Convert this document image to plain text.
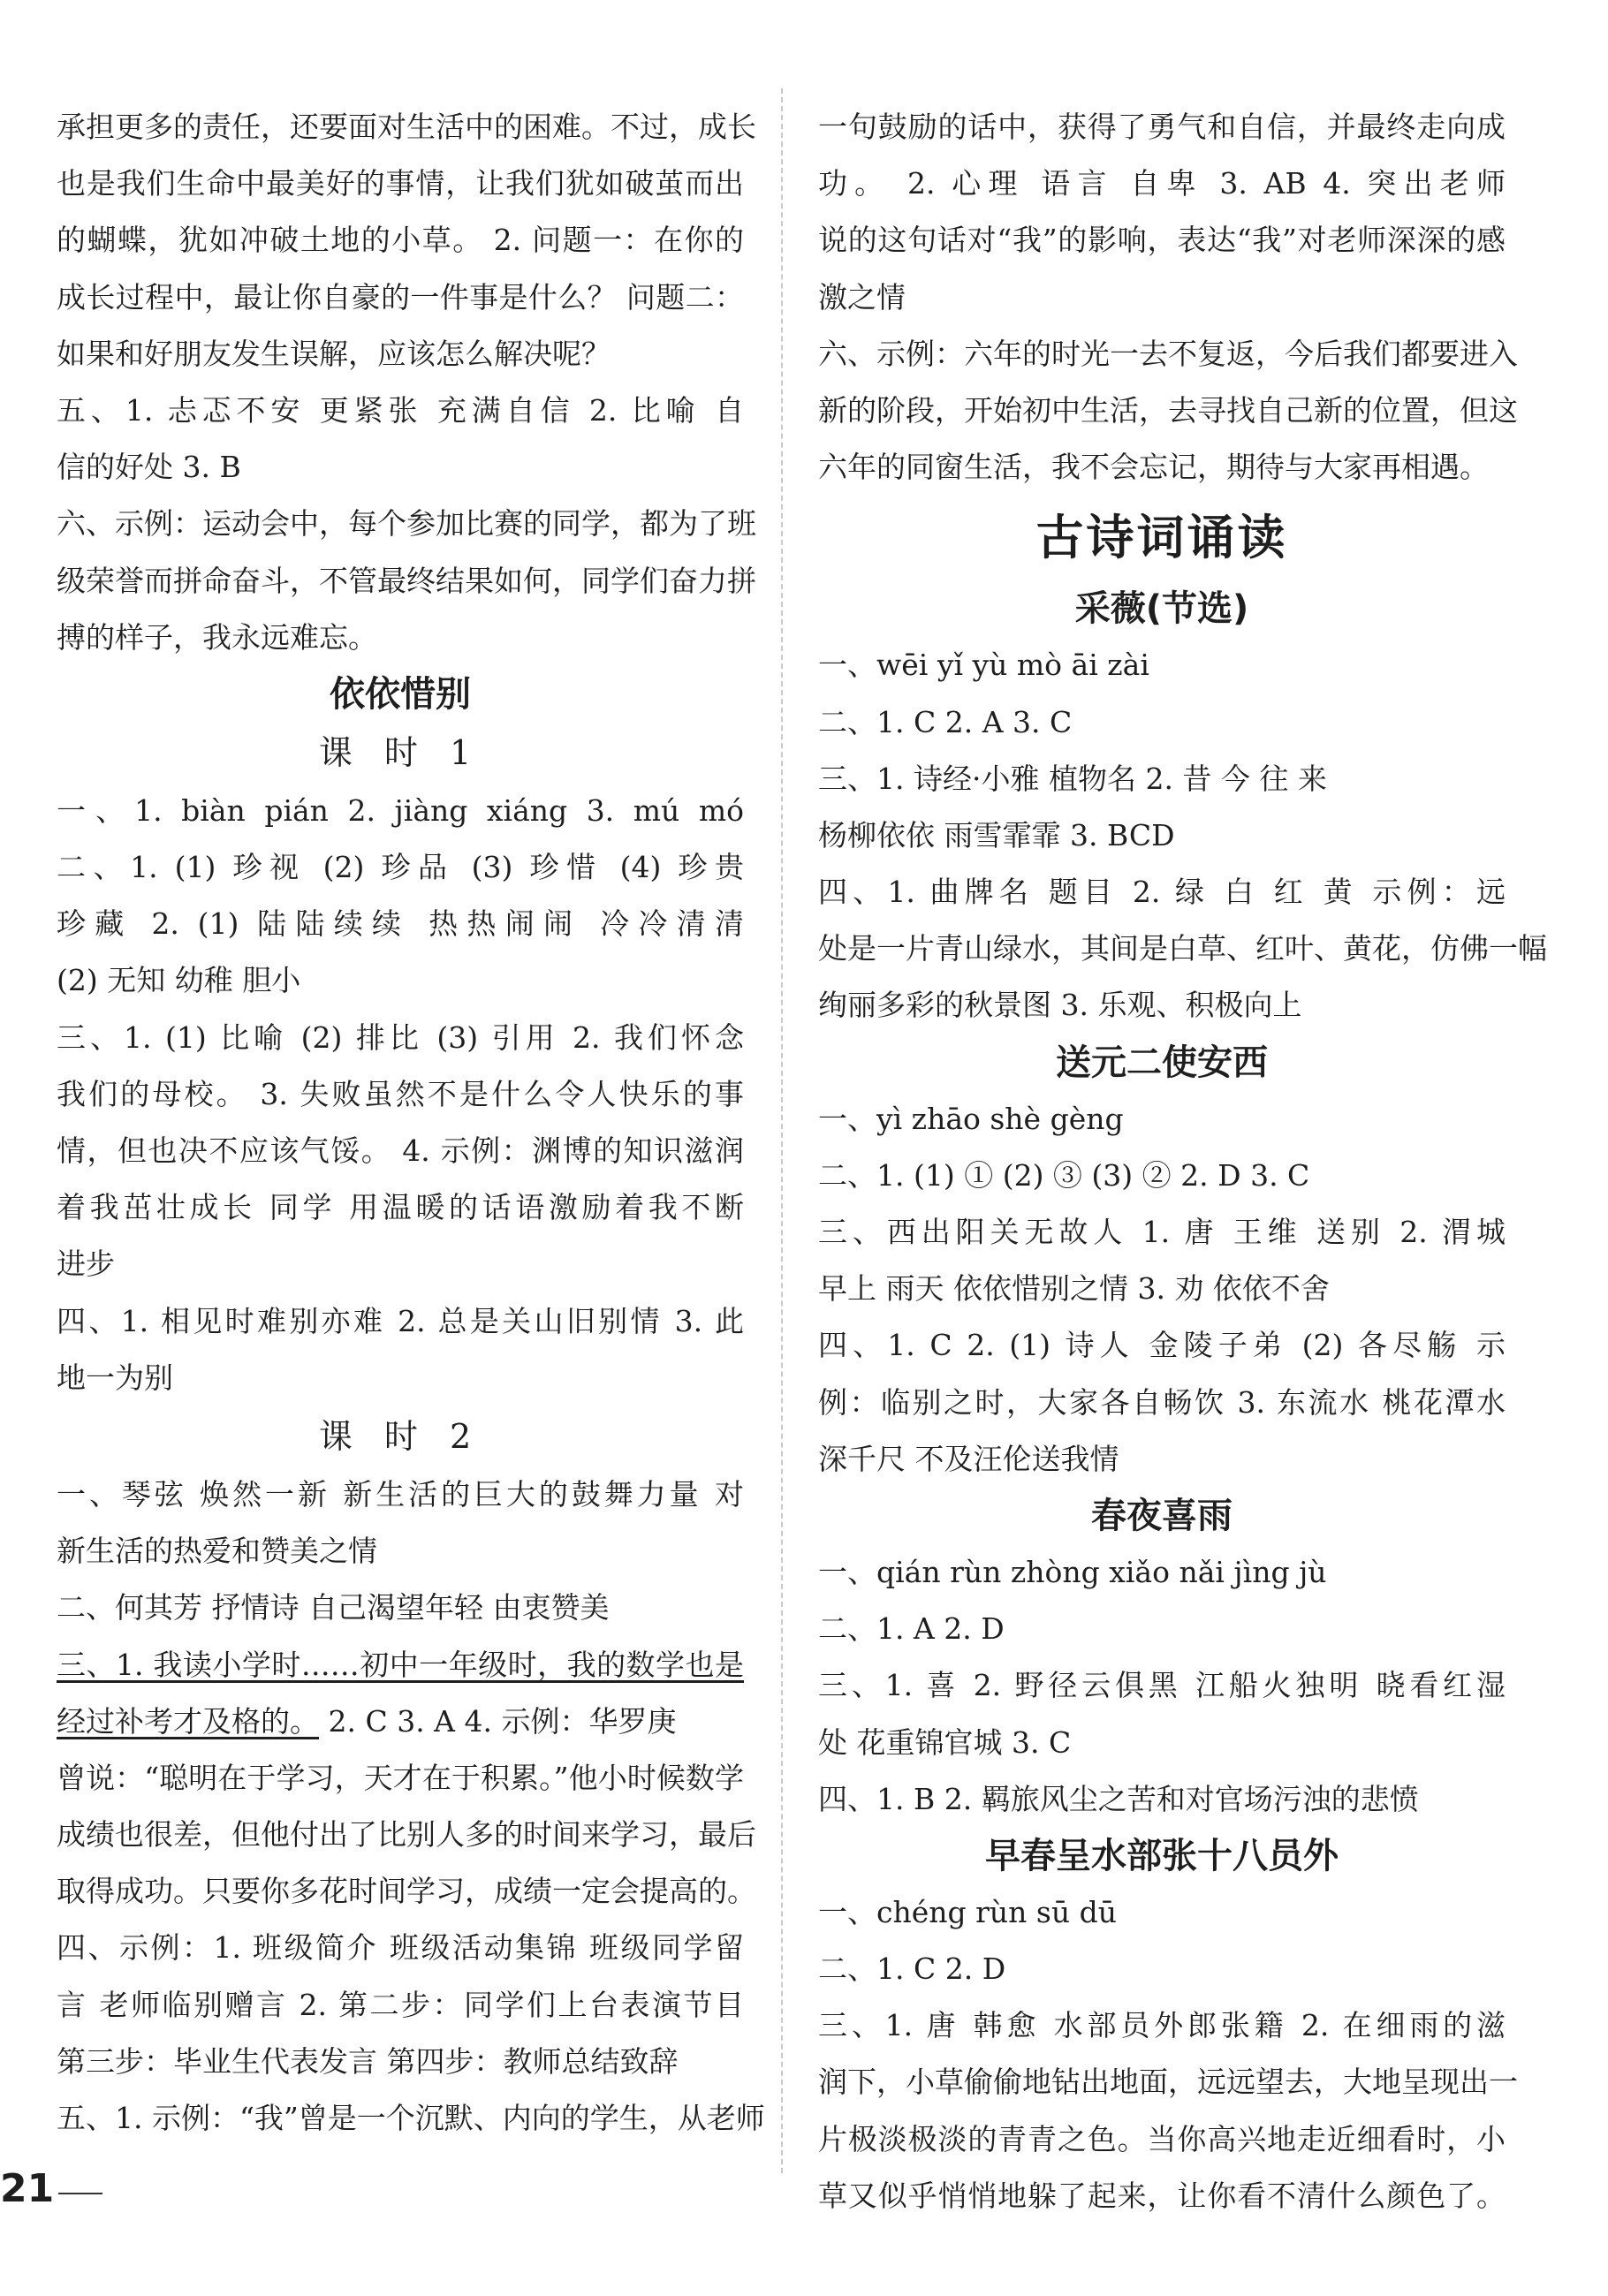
承担更多的责任，还要面对生活中的困难。不过，成长

也是我们生命中最美好的事情，让我们犹如破茧而出

的蝴蝶，犹如冲破土地的小草。 2. 问题一：在你的

成长过程中，最让你自豪的一件事是什么？ 问题二：

如果和好朋友发生误解，应该怎么解决呢？

五、1. 忐忑不安 更紧张 充满自信 2. 比喻 自

信的好处 3. B

六、示例：运动会中，每个参加比赛的同学，都为了班

级荣誉而拼命奋斗，不管最终结果如何，同学们奋力拼

搏的样子，我永远难忘。

依依惜别
课 时 1

一、1. biàn pián 2. jiàng xiáng 3. mú mó

二、1. (1) 珍视 (2) 珍品 (3) 珍惜 (4) 珍贵

珍藏 2. (1) 陆陆续续 热热闹闹 冷冷清清

(2) 无知 幼稚 胆小

三、1. (1) 比喻 (2) 排比 (3) 引用 2. 我们怀念

我们的母校。 3. 失败虽然不是什么令人快乐的事

情，但也决不应该气馁。 4. 示例：渊博的知识滋润

着我茁壮成长 同学 用温暖的话语激励着我不断

进步

四、1. 相见时难别亦难 2. 总是关山旧别情 3. 此

地一为别

课 时 2

一、琴弦 焕然一新 新生活的巨大的鼓舞力量 对

新生活的热爱和赞美之情

二、何其芳 抒情诗 自己渴望年轻 由衷赞美

三、1. 我读小学时……初中一年级时，我的数学也是

经过补考才及格的。 2. C 3. A 4. 示例：华罗庚

曾说：“聪明在于学习，天才在于积累。”他小时候数学

成绩也很差，但他付出了比别人多的时间来学习，最后

取得成功。只要你多花时间学习，成绩一定会提高的。

四、示例：1. 班级简介 班级活动集锦 班级同学留

言 老师临别赠言 2. 第二步：同学们上台表演节目

第三步：毕业生代表发言 第四步：教师总结致辞

五、1. 示例：“我”曾是一个沉默、内向的学生，从老师

一句鼓励的话中，获得了勇气和自信，并最终走向成

功。 2. 心理 语言 自卑 3. AB 4. 突出老师

说的这句话对“我”的影响，表达“我”对老师深深的感

激之情

六、示例：六年的时光一去不复返，今后我们都要进入

新的阶段，开始初中生活，去寻找自己新的位置，但这

六年的同窗生活，我不会忘记，期待与大家再相遇。

古诗词诵读
采薇(节选)

一、wēi yǐ yù mò āi zài

二、1. C 2. A 3. C

三、1. 诗经·小雅 植物名 2. 昔 今 往 来

杨柳依依 雨雪霏霏 3. BCD

四、1. 曲牌名 题目 2. 绿 白 红 黄 示例：远

处是一片青山绿水，其间是白草、红叶、黄花，仿佛一幅

绚丽多彩的秋景图 3. 乐观、积极向上

送元二使安西

一、yì zhāo shè gèng

二、1. (1) ① (2) ③ (3) ② 2. D 3. C

三、西出阳关无故人 1. 唐 王维 送别 2. 渭城

早上 雨天 依依惜别之情 3. 劝 依依不舍

四、1. C 2. (1) 诗人 金陵子弟 (2) 各尽觞 示

例：临别之时，大家各自畅饮 3. 东流水 桃花潭水

深千尺 不及汪伦送我情

春夜喜雨

一、qián rùn zhòng xiǎo nǎi jìng jù

二、1. A 2. D

三、1. 喜 2. 野径云俱黑 江船火独明 晓看红湿

处 花重锦官城 3. C

四、1. B 2. 羁旅风尘之苦和对官场污浊的悲愤

早春呈水部张十八员外

一、chéng rùn sū dū

二、1. C 2. D

三、1. 唐 韩愈 水部员外郎张籍 2. 在细雨的滋

润下，小草偷偷地钻出地面，远远望去，大地呈现出一

片极淡极淡的青青之色。当你高兴地走近细看时，小

草又似乎悄悄地躲了起来，让你看不清什么颜色了。

21
